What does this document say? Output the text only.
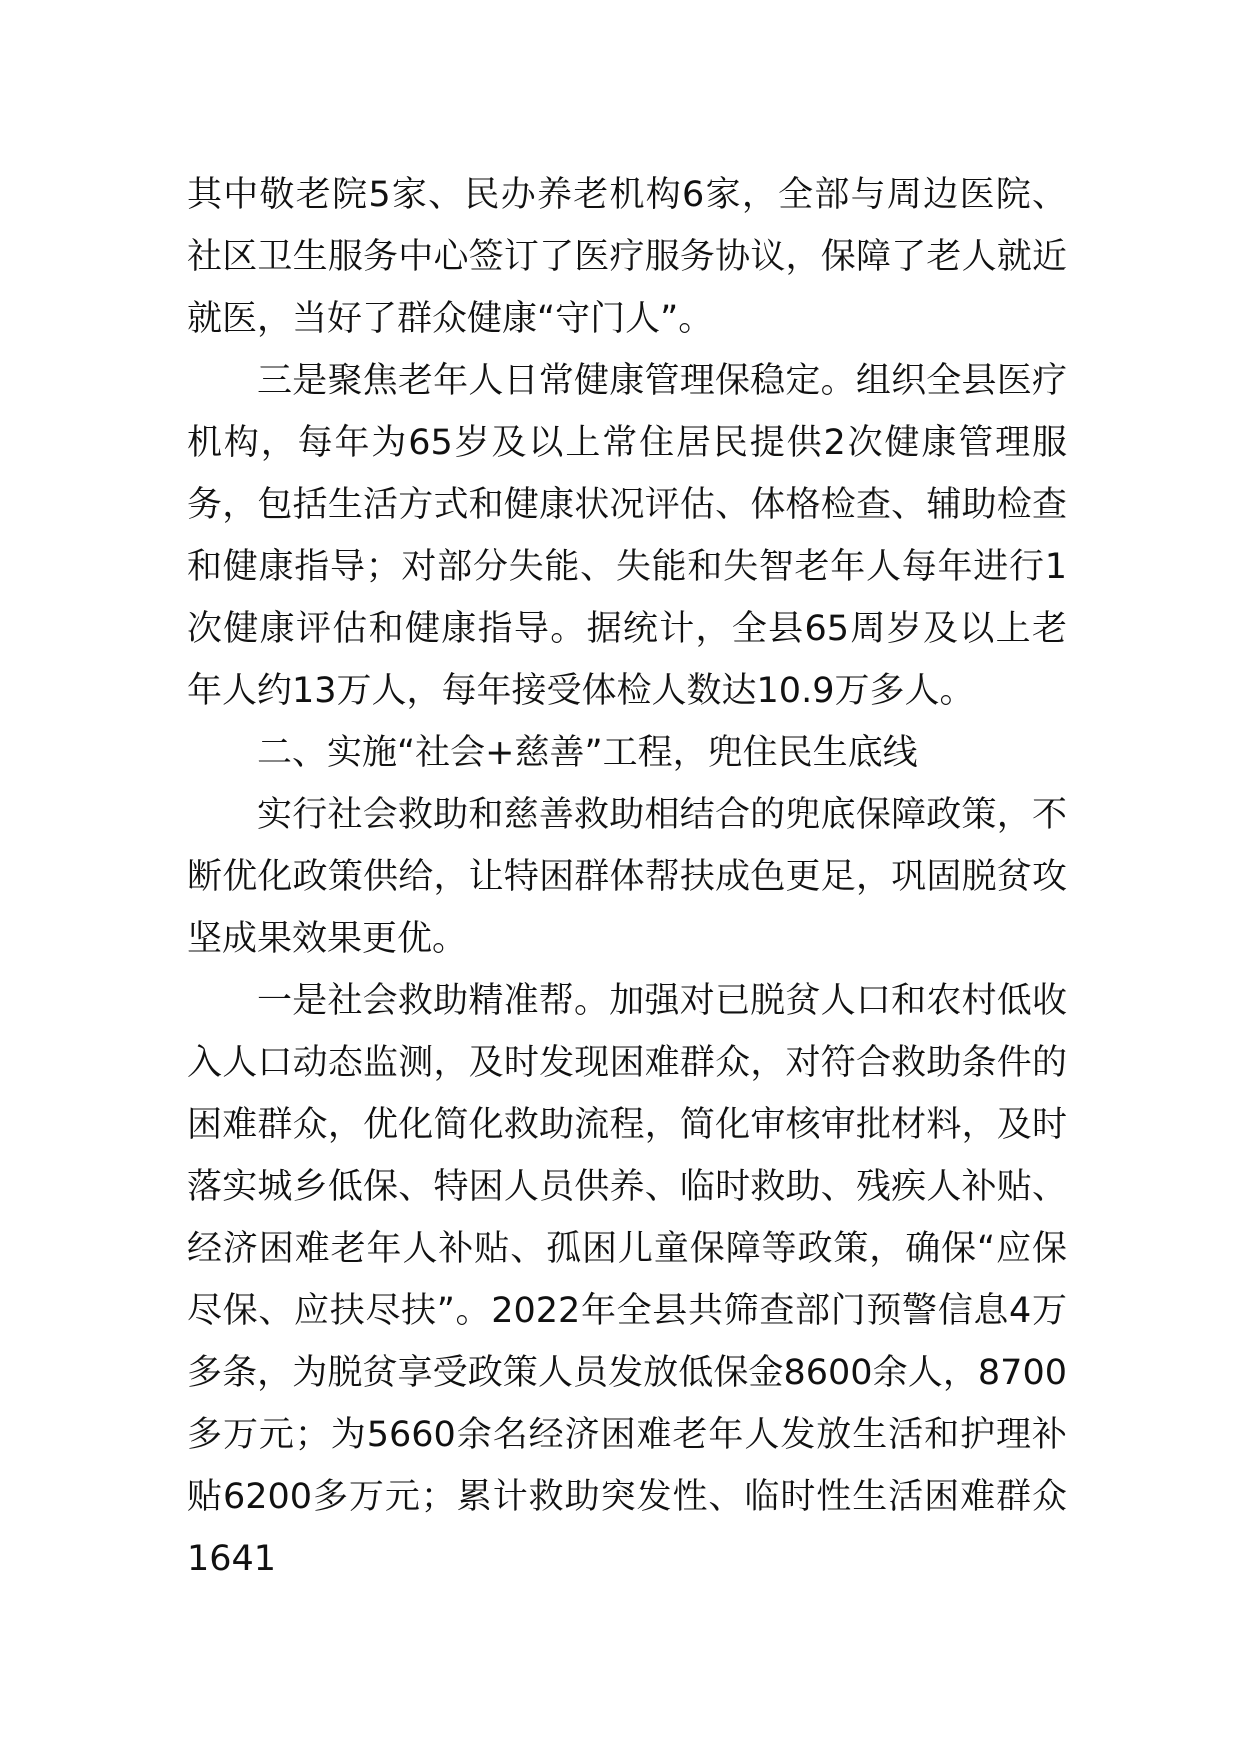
其中敬老院5家、民办养老机构6家，全部与周边医院、社区卫生服务中心签订了医疗服务协议，保障了老人就近就医，当好了群众健康“守门人”。

三是聚焦老年人日常健康管理保稳定。组织全县医疗机构，每年为65岁及以上常住居民提供2次健康管理服务，包括生活方式和健康状况评估、体格检查、辅助检查和健康指导；对部分失能、失能和失智老年人每年进行1次健康评估和健康指导。据统计，全县65周岁及以上老年人约13万人，每年接受体检人数达10.9万多人。

二、实施“社会+慈善”工程，兜住民生底线

实行社会救助和慈善救助相结合的兜底保障政策，不断优化政策供给，让特困群体帮扶成色更足，巩固脱贫攻坚成果效果更优。

一是社会救助精准帮。加强对已脱贫人口和农村低收入人口动态监测，及时发现困难群众，对符合救助条件的困难群众，优化简化救助流程，简化审核审批材料，及时落实城乡低保、特困人员供养、临时救助、残疾人补贴、经济困难老年人补贴、孤困儿童保障等政策，确保“应保尽保、应扶尽扶”。2022年全县共筛查部门预警信息4万多条，为脱贫享受政策人员发放低保金8600余人，8700多万元；为5660余名经济困难老年人发放生活和护理补贴6200多万元；累计救助突发性、临时性生活困难群众1641
